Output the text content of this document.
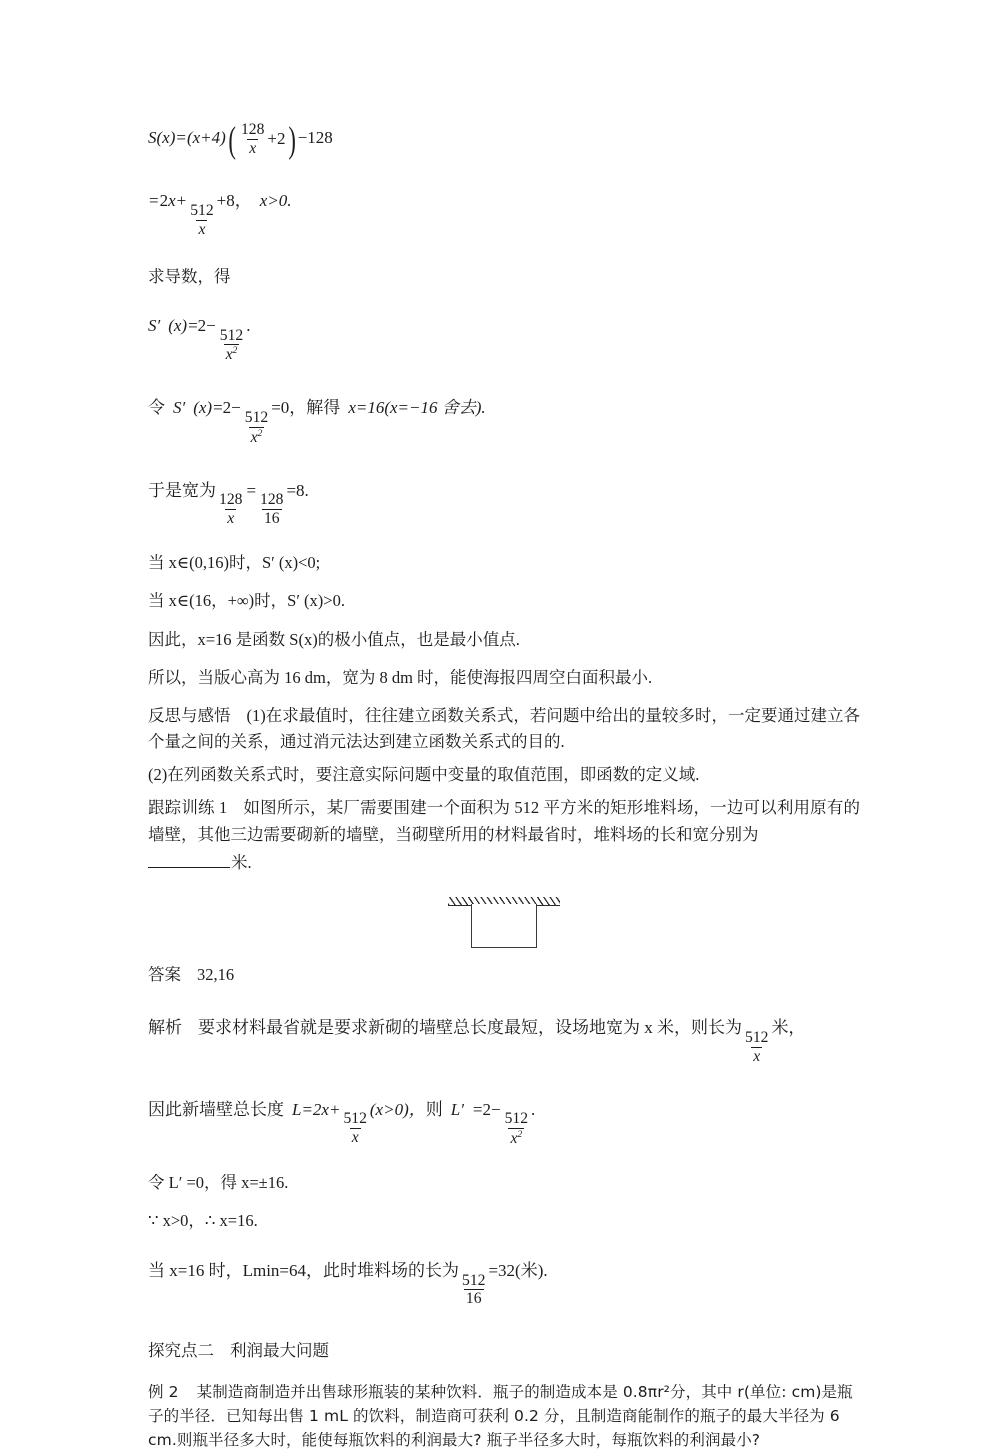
S(x)=(x+4) ( $\frac{128}{x} +2$ ) −128
=2x+
$\frac{512}{x}$
+8， x>0.
求导数，得
S′ (x)=2−
$\frac{512}{x^2}$
.
令 S′ (x)=2−
$\frac{512}{x^2}$
=0，解得 x=16(x=−16 舍去).
于是宽为
$\frac{128}{x}$
=
$\frac{128}{16}$
=8.
当 x∈(0,16)时，S′ (x)<0;
当 x∈(16，+∞)时，S′ (x)>0.
因此，x=16 是函数 S(x)的极小值点，也是最小值点.
所以，当版心高为 16 dm，宽为 8 dm 时，能使海报四周空白面积最小.
反思与感悟 (1)在求最值时，往往建立函数关系式，若问题中给出的量较多时，一定要通过建立各个量之间的关系，通过消元法达到建立函数关系式的目的.
(2)在列函数关系式时，要注意实际问题中变量的取值范围，即函数的定义域.
跟踪训练 1 如图所示，某厂需要围建一个面积为 512 平方米的矩形堆料场，一边可以利用原有的墙壁，其他三边需要砌新的墙壁，当砌壁所用的材料最省时，堆料场的长和宽分别为
米.
答案 32,16
解析 要求材料最省就是要求新砌的墙壁总长度最短，设场地宽为 x 米，则长为
$\frac{512}{x}$
米，
因此新墙壁总长度 L=2x+
$\frac{512}{x}$
(x>0)，则 L′ =2−
$\frac{512}{x^2}$
.
令 L′ =0，得 x=±16.
∵ x>0，∴ x=16.
当 x=16 时，Lmin=64，此时堆料场的长为
$\frac{512}{16}$
=32(米).
探究点二 利润最大问题
例 2 某制造商制造并出售球形瓶装的某种饮料．瓶子的制造成本是 0.8πr²分，其中 r(单位: cm)是瓶子的半径．已知每出售 1 mL 的饮料，制造商可获利 0.2 分，且制造商能制作的瓶子的最大半径为 6 cm.则瓶半径多大时，能使每瓶饮料的利润最大? 瓶子半径多大时，每瓶饮料的利润最小?
